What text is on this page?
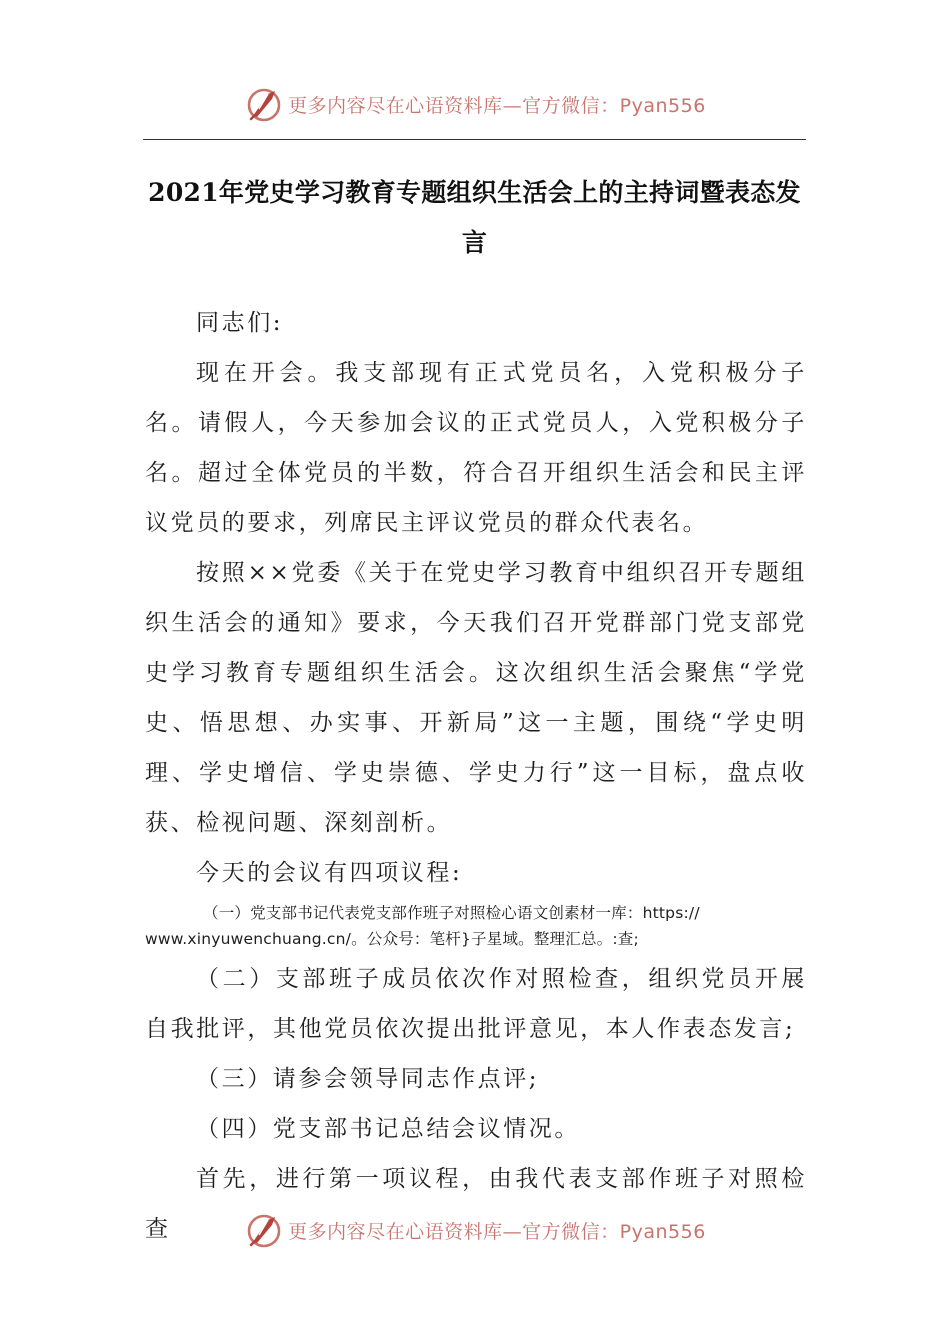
更多内容尽在心语资料库—官方微信：Pyan556
2021年党史学习教育专题组织生活会上的主持词暨表态发言

同志们:

现在开会。我支部现有正式党员名，入党积极分子名。请假人，今天参加会议的正式党员人，入党积极分子名。超过全体党员的半数，符合召开组织生活会和民主评议党员的要求，列席民主评议党员的群众代表名。

按照××党委《关于在党史学习教育中组织召开专题组织生活会的通知》要求，今天我们召开党群部门党支部党史学习教育专题组织生活会。这次组织生活会聚焦“学党史、悟思想、办实事、开新局”这一主题，围绕“学史明理、学史增信、学史崇德、学史力行”这一目标，盘点收获、检视问题、深刻剖析。

今天的会议有四项议程:

（一）党支部书记代表党支部作班子对照检心语文创素材一库：https://
www.xinyuwenchuang.cn/。公众号：笔杆}子星域。整理汇总。:查;

（二）支部班子成员依次作对照检查，组织党员开展自我批评，其他党员依次提出批评意见，本人作表态发言;

（三）请参会领导同志作点评;

（四）党支部书记总结会议情况。

首先，进行第一项议程，由我代表支部作班子对照检查	更多内容尽在心语资料库—官方微信：Pyan556
